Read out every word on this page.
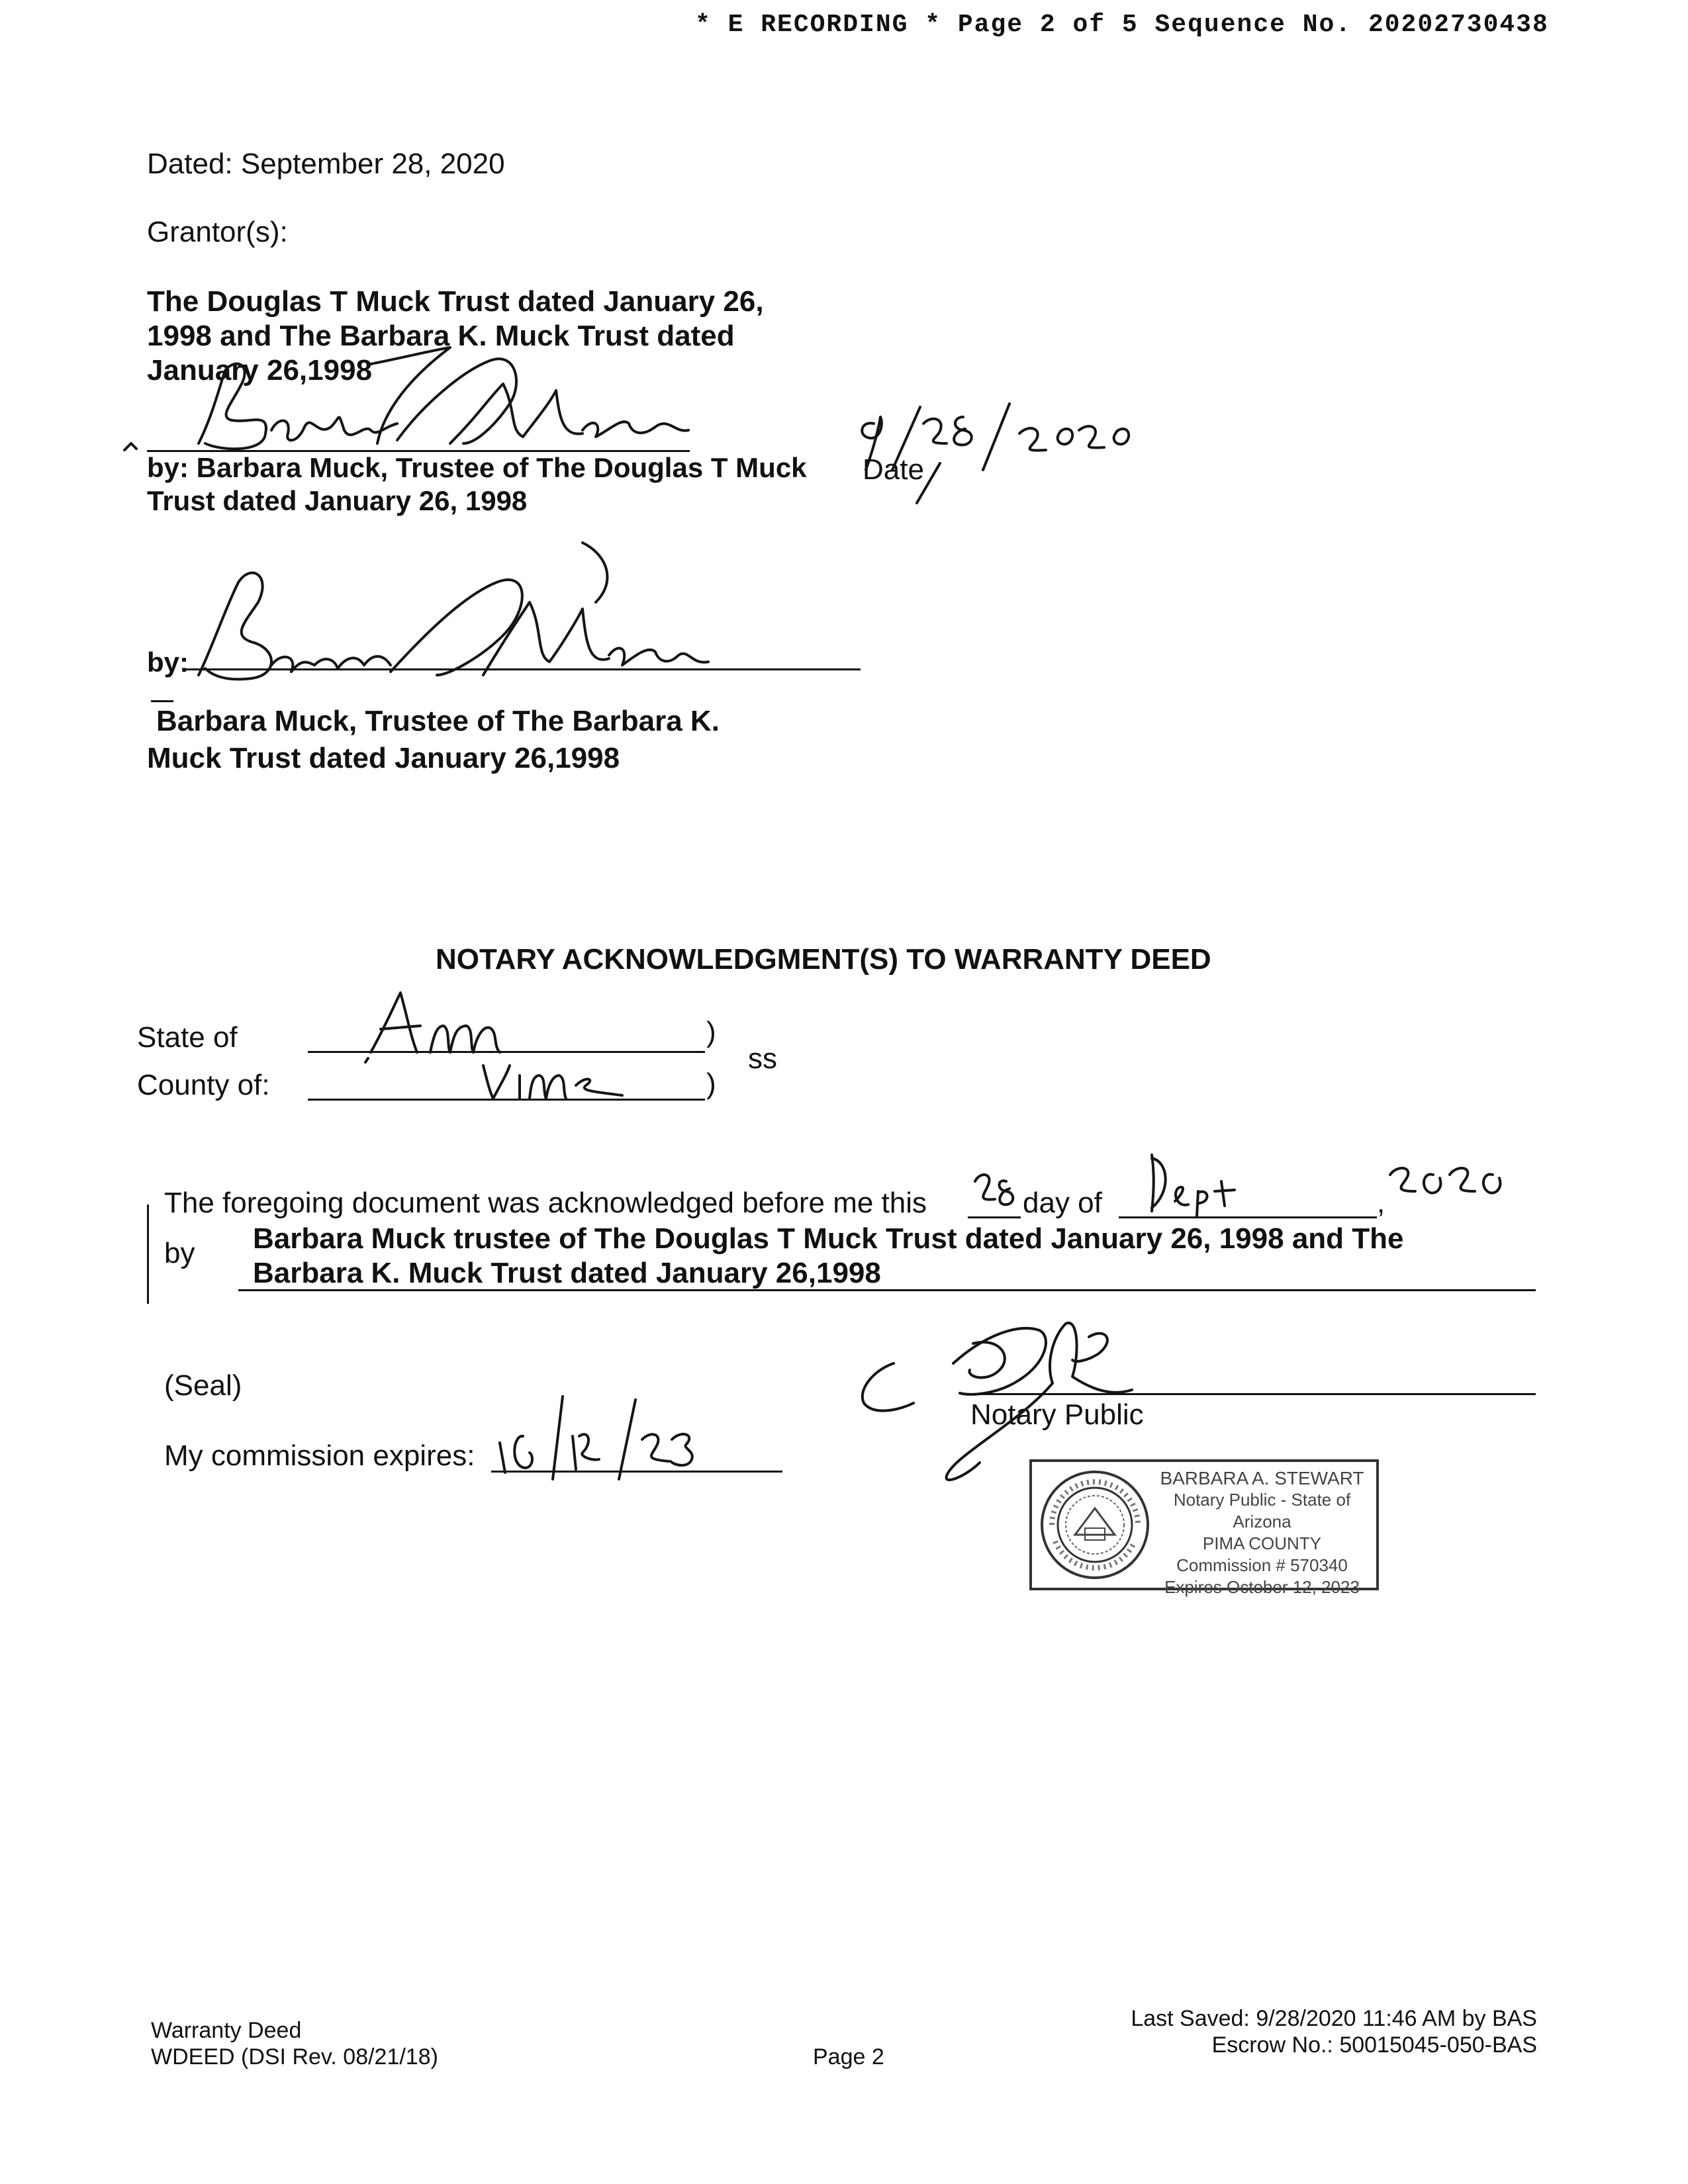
* E RECORDING * Page 2 of 5 Sequence No. 20202730438
Dated: September 28, 2020
Grantor(s):
The Douglas T Muck Trust dated January 26,
1998 and The Barbara K. Muck Trust dated
January 26,1998
by: Barbara Muck, Trustee of The Douglas T Muck
Trust dated January 26, 1998
Date
by:
Barbara Muck, Trustee of The Barbara K.
Muck Trust dated January 26,1998
NOTARY ACKNOWLEDGMENT(S) TO WARRANTY DEED
State of
County of:
)
)
ss
The foregoing document was acknowledged before me this	day of	,
by Barbara Muck trustee of The Douglas T Muck Trust dated January 26, 1998 and The
Barbara K. Muck Trust dated January 26,1998
(Seal)
My commission expires:
Notary Public
BARBARA A. STEWART
Notary Public - State of Arizona
PIMA COUNTY
Commission # 570340
Expires October 12, 2023
Warranty Deed
WDEED (DSI Rev. 08/21/18)	Page 2
Last Saved: 9/28/2020 11:46 AM by BAS
Escrow No.: 50015045-050-BAS
